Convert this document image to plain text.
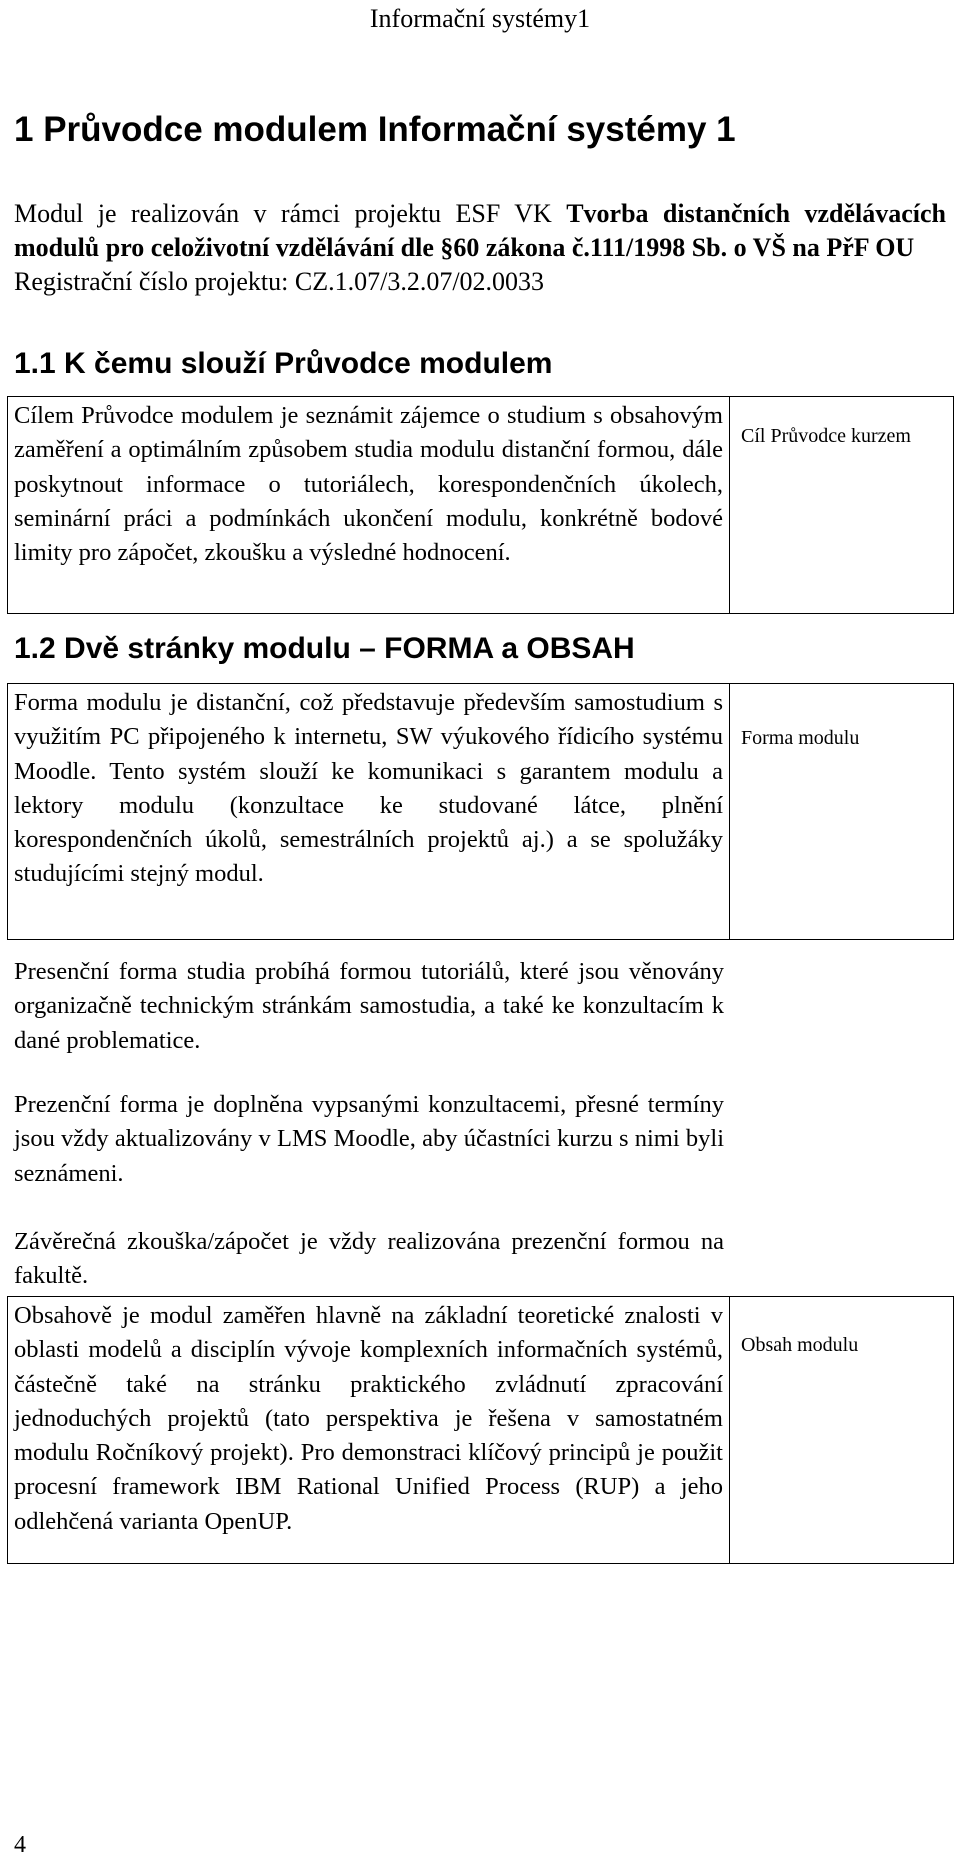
Informační systémy1
1 Průvodce modulem Informační systémy 1

Modul je realizován v rámci projektu ESF VK Tvorba distančních vzdělávacích modulů pro celoživotní vzdělávání dle §60 zákona č.111/1998 Sb. o VŠ na PřF OU

Registrační číslo projektu: CZ.1.07/3.2.07/02.0033

1.1 K čemu slouží Průvodce modulem

Cílem Průvodce modulem je seznámit zájemce o studium s obsahovým zaměření a optimálním způsobem studia modulu distanční formou, dále poskytnout informace o tutoriálech, korespondenčních úkolech, seminární práci a podmínkách ukončení modulu, konkrétně bodové limity pro zápočet, zkoušku a výsledné hodnocení.

Cíl Průvodce kurzem
1.2 Dvě stránky modulu – FORMA a OBSAH

Forma modulu je distanční, což představuje především samostudium s využitím PC připojeného k internetu, SW výukového řídicího systému Moodle. Tento systém slouží ke komunikaci s garantem modulu a lektory modulu (konzultace ke studované látce, plnění korespondenčních úkolů, semestrálních projektů aj.) a se spolužáky studujícími stejný modul.

Forma modulu

Presenční forma studia probíhá formou tutoriálů, které jsou věnovány organizačně technickým stránkám samostudia, a také ke konzultacím k dané problematice.

Prezenční forma je doplněna vypsanými konzultacemi, přesné termíny jsou vždy aktualizovány v LMS Moodle, aby účastníci kurzu s nimi byli seznámeni.

Závěrečná zkouška/zápočet je vždy realizována prezenční formou na fakultě.

Obsahově je modul zaměřen hlavně na základní teoretické znalosti v oblasti modelů a disciplín vývoje komplexních informačních systémů, částečně také na stránku praktického zvládnutí zpracování jednoduchých projektů (tato perspektiva je řešena v samostatném modulu Ročníkový projekt). Pro demonstraci klíčový principů je použit procesní framework IBM Rational Unified Process (RUP) a jeho odlehčená varianta OpenUP.

Obsah modulu
4
